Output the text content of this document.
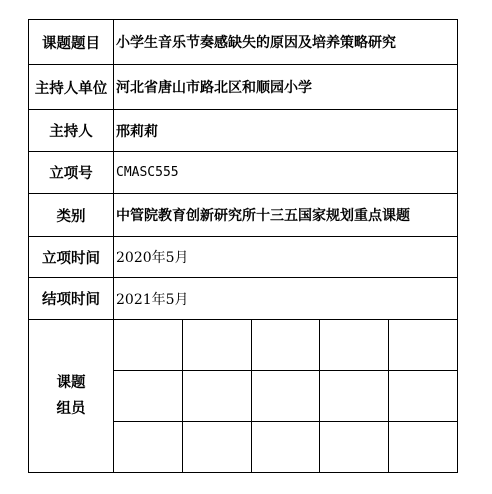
课题题目	小学生音乐节奏感缺失的原因及培养策略研究
主持人单位	河北省唐山市路北区和顺园小学
主持人	邢莉莉
立项号	CMASC555
类别	中管院教育创新研究所十三五国家规划重点课题
立项时间	2020年5月
结项时间	2021年5月
课题
组员	
